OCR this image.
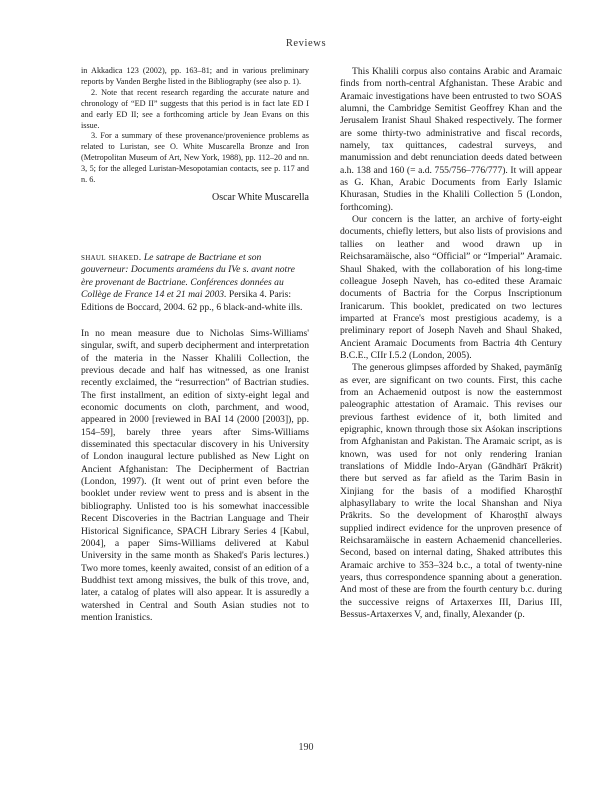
Reviews

in Akkadica 123 (2002), pp. 163–81; and in various preliminary reports by Vanden Berghe listed in the Bibliography (see also p. 1).

2. Note that recent research regarding the accurate nature and chronology of “ED II” suggests that this period is in fact late ED I and early ED II; see a forthcoming article by Jean Evans on this issue.

3. For a summary of these provenance/provenience problems as related to Luristan, see O. White Muscarella Bronze and Iron (Metropolitan Museum of Art, New York, 1988), pp. 112–20 and nn. 3, 5; for the alleged Luristan-Mesopotamian contacts, see p. 117 and n. 6.

Oscar White Muscarella
shaul shaked. Le satrape de Bactriane et son gouverneur: Documents araméens du IVe s. avant notre ère provenant de Bactriane. Conférences données au Collège de France 14 et 21 mai 2003. Persika 4. Paris: Editions de Boccard, 2004. 62 pp., 6 black-and-white ills.

In no mean measure due to Nicholas Sims-Williams' singular, swift, and superb decipherment and interpretation of the materia in the Nasser Khalili Collection, the previous decade and half has witnessed, as one Iranist recently exclaimed, the “resurrection” of Bactrian studies. The first installment, an edition of sixty-eight legal and economic documents on cloth, parchment, and wood, appeared in 2000 [reviewed in BAI 14 (2000 [2003]), pp. 154–59], barely three years after Sims-Williams disseminated this spectacular discovery in his University of London inaugural lecture published as New Light on Ancient Afghanistan: The Decipherment of Bactrian (London, 1997). (It went out of print even before the booklet under review went to press and is absent in the bibliography. Unlisted too is his somewhat inaccessible Recent Discoveries in the Bactrian Language and Their Historical Significance, SPACH Library Series 4 [Kabul, 2004], a paper Sims-Williams delivered at Kabul University in the same month as Shaked's Paris lectures.) Two more tomes, keenly awaited, consist of an edition of a Buddhist text among missives, the bulk of this trove, and, later, a catalog of plates will also appear. It is assuredly a watershed in Central and South Asian studies not to mention Iranistics.

This Khalili corpus also contains Arabic and Aramaic finds from north-central Afghanistan. These Arabic and Aramaic investigations have been entrusted to two SOAS alumni, the Cambridge Semitist Geoffrey Khan and the Jerusalem Iranist Shaul Shaked respectively. The former are some thirty-two administrative and fiscal records, namely, tax quittances, cadestral surveys, and manumission and debt renunciation deeds dated between a.h. 138 and 160 (= a.d. 755/756–776/777). It will appear as G. Khan, Arabic Documents from Early Islamic Khurasan, Studies in the Khalili Collection 5 (London, forthcoming).

Our concern is the latter, an archive of forty-eight documents, chiefly letters, but also lists of provisions and tallies on leather and wood drawn up in Reichsaramäische, also “Official” or “Imperial” Aramaic. Shaul Shaked, with the collaboration of his long-time colleague Joseph Naveh, has co-edited these Aramaic documents of Bactria for the Corpus Inscriptionum Iranicarum. This booklet, predicated on two lectures imparted at France's most prestigious academy, is a preliminary report of Joseph Naveh and Shaul Shaked, Ancient Aramaic Documents from Bactria 4th Century B.C.E., CIIr I.5.2 (London, 2005).

The generous glimpses afforded by Shaked, paymānīg as ever, are significant on two counts. First, this cache from an Achaemenid outpost is now the easternmost paleographic attestation of Aramaic. This revises our previous farthest evidence of it, both limited and epigraphic, known through those six Aśokan inscriptions from Afghanistan and Pakistan. The Aramaic script, as is known, was used for not only rendering Iranian translations of Middle Indo-Aryan (Gāndhārī Prākrit) there but served as far afield as the Tarim Basin in Xinjiang for the basis of a modified Kharoṣṭhī alphasyllabary to write the local Shanshan and Niya Prākrits. So the development of Kharoṣṭhī always supplied indirect evidence for the unproven presence of Reichsaramäische in eastern Achaemenid chancelleries. Second, based on internal dating, Shaked attributes this Aramaic archive to 353–324 b.c., a total of twenty-nine years, thus correspondence spanning about a generation. And most of these are from the fourth century b.c. during the successive reigns of Artaxerxes III, Darius III, Bessus-Artaxerxes V, and, finally, Alexander (p.

190
